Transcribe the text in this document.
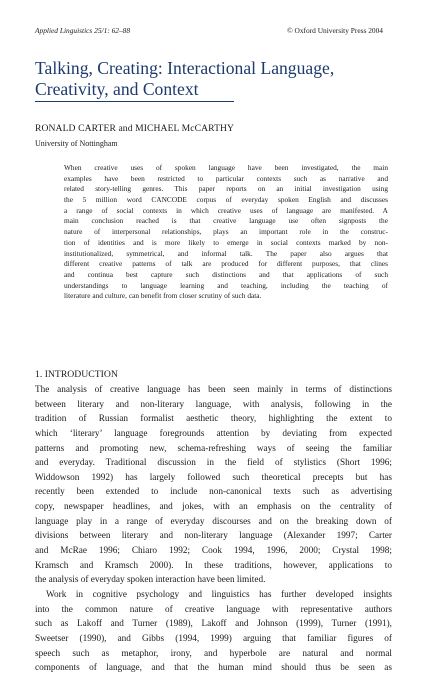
Applied Linguistics 25/1: 62–88	© Oxford University Press 2004
Talking, Creating: Interactional Language,
Creativity, and Context
RONALD CARTER and MICHAEL McCARTHY
University of Nottingham
When creative uses of spoken language have been investigated, the main
examples have been restricted to particular contexts such as narrative and
related story-telling genres. This paper reports on an initial investigation using
the 5 million word CANCODE corpus of everyday spoken English and discusses
a range of social contexts in which creative uses of language are manifested. A
main conclusion reached is that creative language use often signposts the
nature of interpersonal relationships, plays an important role in the construc-
tion of identities and is more likely to emerge in social contexts marked by non-
institutionalized, symmetrical, and informal talk. The paper also argues that
different creative patterns of talk are produced for different purposes, that clines
and continua best capture such distinctions and that applications of such
understandings to language learning and teaching, including the teaching of
literature and culture, can benefit from closer scrutiny of such data.
1. INTRODUCTION
The analysis of creative language has been seen mainly in terms of distinctions
between literary and non-literary language, with analysis, following in the
tradition of Russian formalist aesthetic theory, highlighting the extent to
which ‘literary’ language foregrounds attention by deviating from expected
patterns and promoting new, schema-refreshing ways of seeing the familiar
and everyday. Traditional discussion in the field of stylistics (Short 1996;
Widdowson 1992) has largely followed such theoretical precepts but has
recently been extended to include non-canonical texts such as advertising
copy, newspaper headlines, and jokes, with an emphasis on the centrality of
language play in a range of everyday discourses and on the breaking down of
divisions between literary and non-literary language (Alexander 1997; Carter
and McRae 1996; Chiaro 1992; Cook 1994, 1996, 2000; Crystal 1998;
Kramsch and Kramsch 2000). In these traditions, however, applications to
the analysis of everyday spoken interaction have been limited.
Work in cognitive psychology and linguistics has further developed insights
into the common nature of creative language with representative authors
such as Lakoff and Turner (1989), Lakoff and Johnson (1999), Turner (1991),
Sweetser (1990), and Gibbs (1994, 1999) arguing that familiar figures of
speech such as metaphor, irony, and hyperbole are natural and normal
components of language, and that the human mind should thus be seen as
